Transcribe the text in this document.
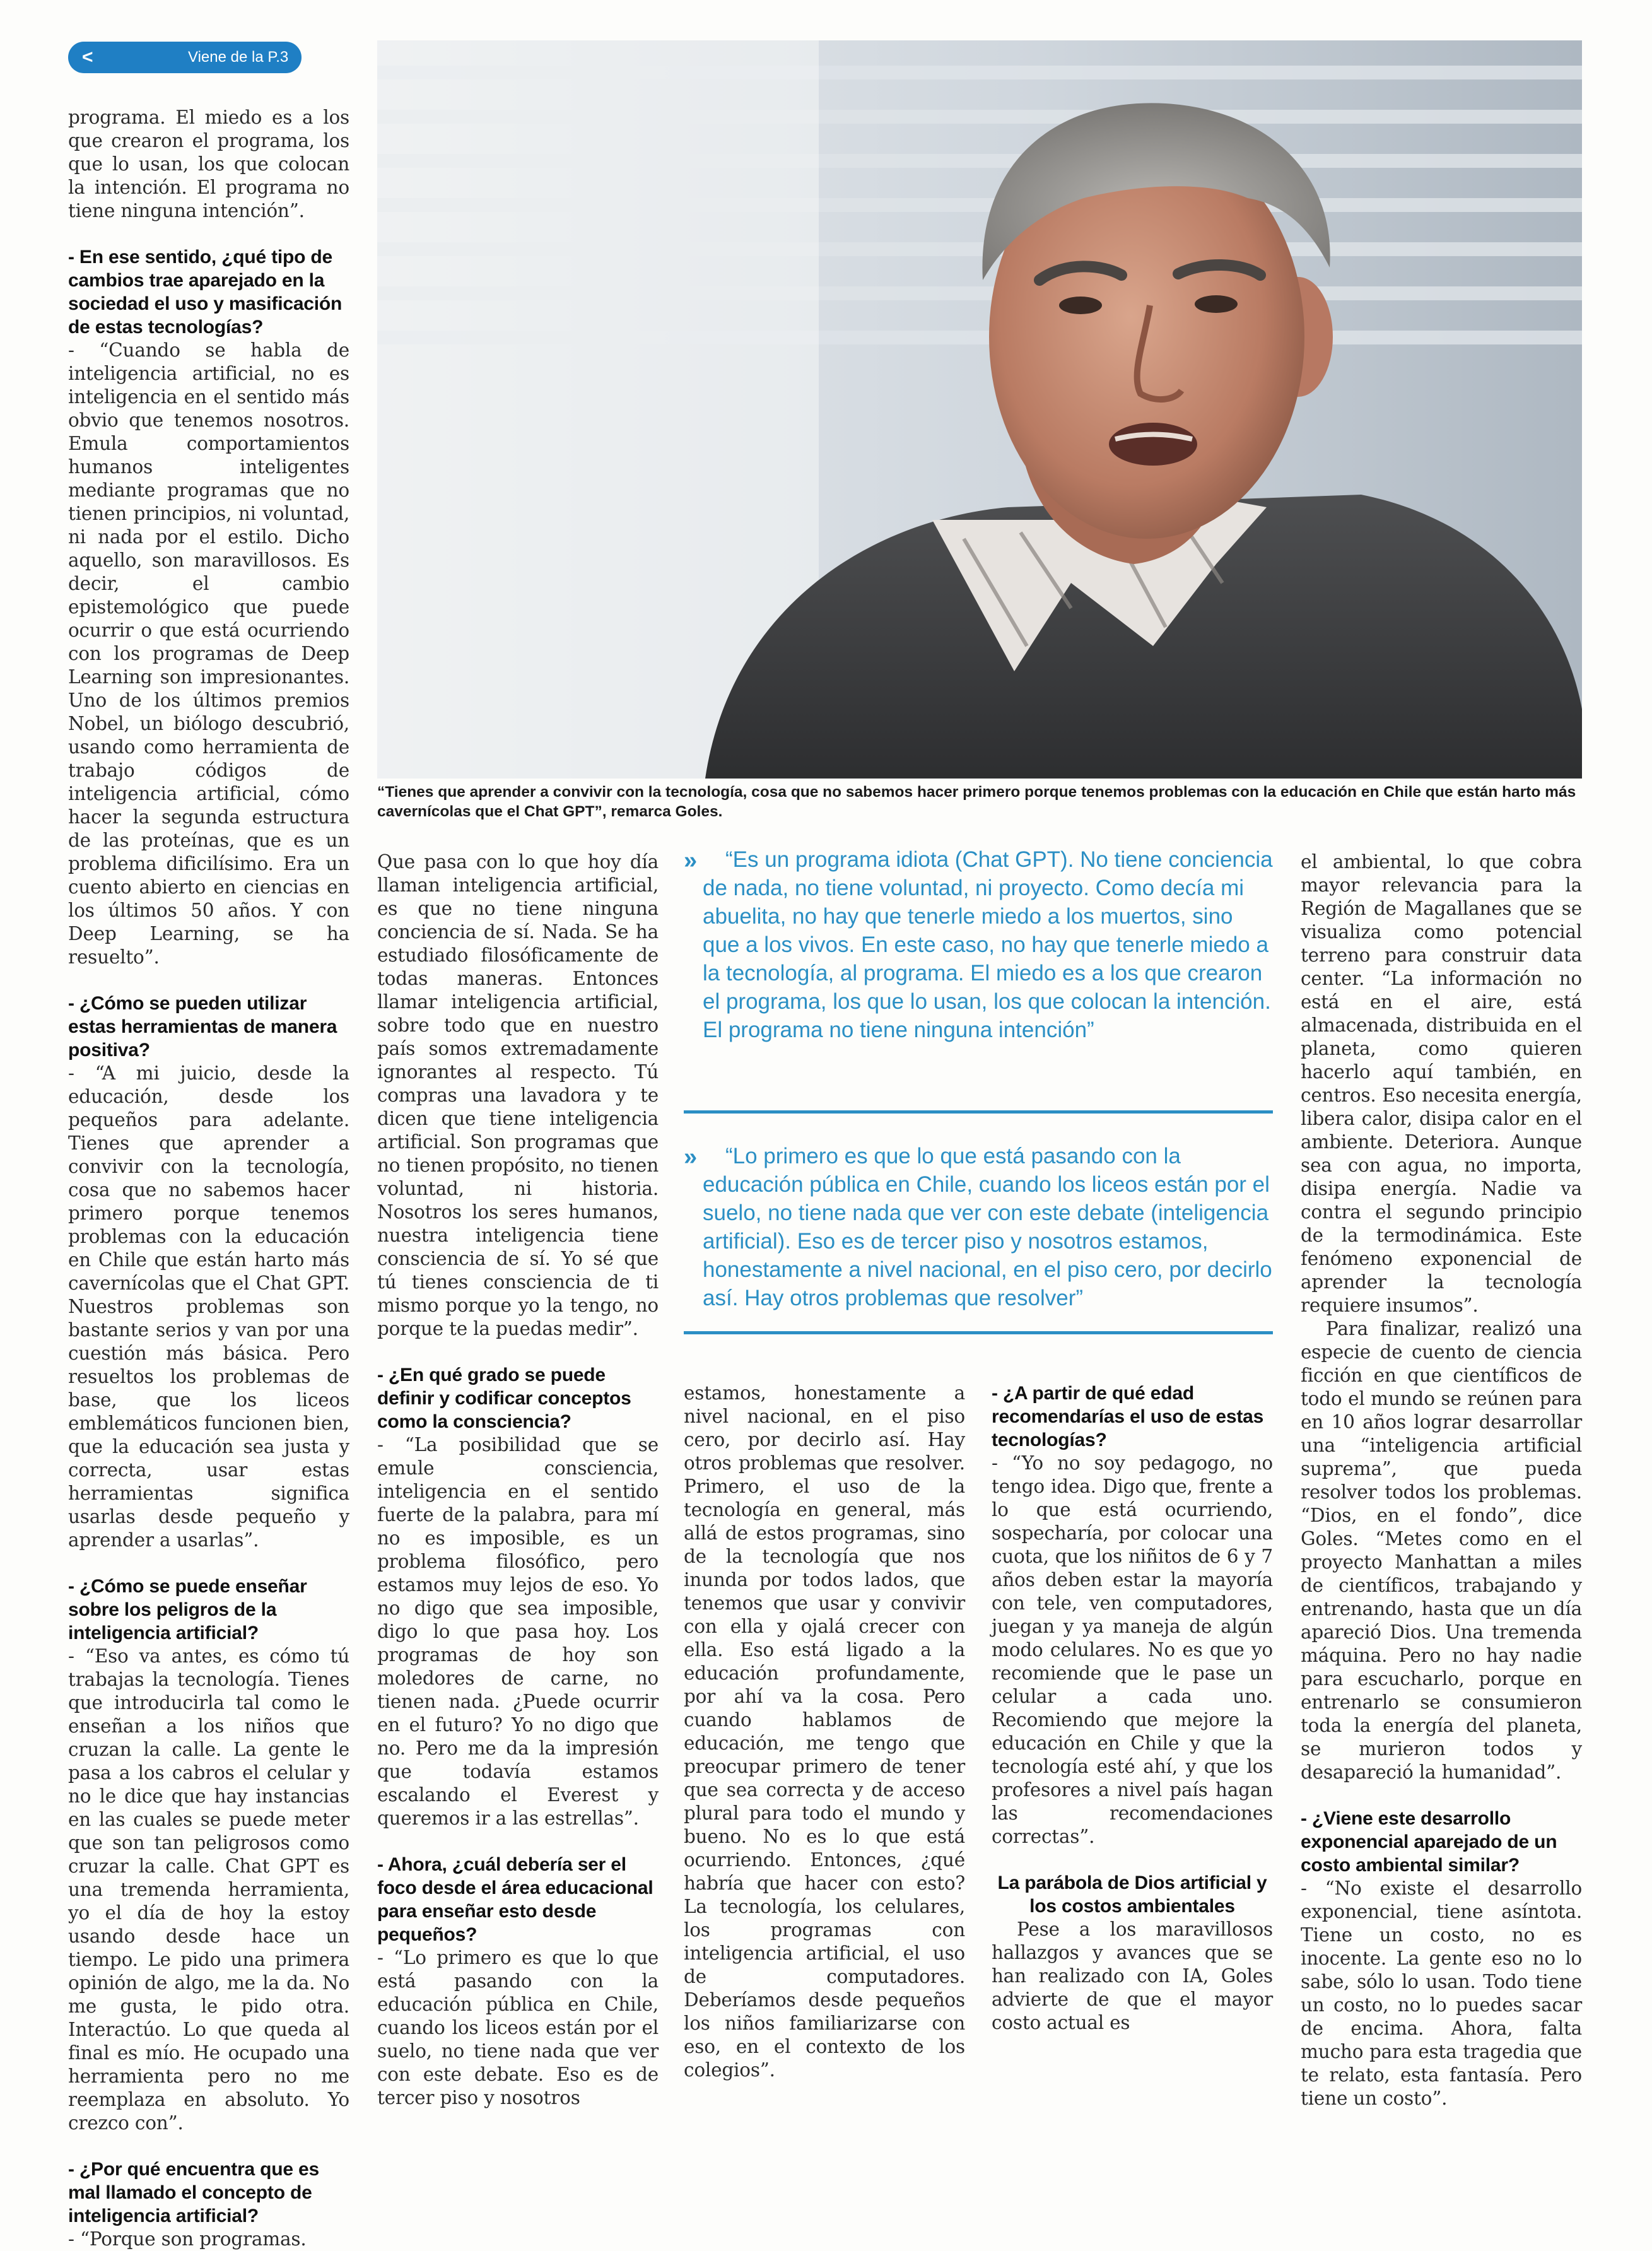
<	Viene de la P.3
“Tienes que aprender a convivir con la tecnología, cosa que no sabemos hacer primero porque tenemos problemas con la educación en Chile que están harto más cavernícolas que el Chat GPT”, remarca Goles.
»	“Es un programa idiota (Chat GPT). No tiene conciencia de nada, no tiene voluntad, ni proyecto. Como decía mi abuelita, no hay que tenerle miedo a los muertos, sino que a los vivos. En este caso, no hay que tenerle miedo a la tecnología, al programa. El miedo es a los que crearon el programa, los que lo usan, los que colocan la intención. El programa no tiene ninguna intención”
»	“Lo primero es que lo que está pasando con la educación pública en Chile, cuando los liceos están por el suelo, no tiene nada que ver con este debate (inteligencia artificial). Eso es de tercer piso y nosotros estamos, honestamente a nivel nacional, en el piso cero, por decirlo así. Hay otros problemas que resolver”

programa. El miedo es a los que crearon el programa, los que lo usan, los que colocan la intención. El programa no tiene ninguna intención”.

- En ese sentido, ¿qué tipo de cambios trae aparejado en la sociedad el uso y masificación de estas tecnologías?

- “Cuando se habla de inteligencia artificial, no es inteligencia en el sentido más obvio que tenemos nosotros. Emula comportamientos humanos inteligentes mediante programas que no tienen principios, ni voluntad, ni nada por el estilo. Dicho aquello, son maravillosos. Es decir, el cambio epistemológico que puede ocurrir o que está ocurriendo con los programas de Deep Learning son impresionantes. Uno de los últimos premios Nobel, un biólogo descubrió, usando como herramienta de trabajo códigos de inteligencia artificial, cómo hacer la segunda estructura de las proteínas, que es un problema dificilísimo. Era un cuento abierto en ciencias en los últimos 50 años. Y con Deep Learning, se ha resuelto”.

- ¿Cómo se pueden utilizar estas herramientas de manera positiva?

- “A mi juicio, desde la educación, desde los pequeños para adelante. Tienes que aprender a convivir con la tecnología, cosa que no sabemos hacer primero porque tenemos problemas con la educación en Chile que están harto más cavernícolas que el Chat GPT. Nuestros problemas son bastante serios y van por una cuestión más básica. Pero resueltos los problemas de base, que los liceos emblemáticos funcionen bien, que la educación sea justa y correcta, usar estas herramientas significa usarlas desde pequeño y aprender a usarlas”.

- ¿Cómo se puede enseñar sobre los peligros de la inteligencia artificial?

- “Eso va antes, es cómo tú trabajas la tecnología. Tienes que introducirla tal como le enseñan a los niños que cruzan la calle. La gente le pasa a los cabros el celular y no le dice que hay instancias en las cuales se puede meter que son tan peligrosos como cruzar la calle. Chat GPT es una tremenda herramienta, yo el día de hoy la estoy usando desde hace un tiempo. Le pido una primera opinión de algo, me la da. No me gusta, le pido otra. Interactúo. Lo que queda al final es mío. He ocupado una herramienta pero no me reemplaza en absoluto. Yo crezco con”.

- ¿Por qué encuentra que es mal llamado el concepto de inteligencia artificial?

- “Porque son programas.

Que pasa con lo que hoy día llaman inteligencia artificial, es que no tiene ninguna conciencia de sí. Nada. Se ha estudiado filosóficamente de todas maneras. Entonces llamar inteligencia artificial, sobre todo que en nuestro país somos extremadamente ignorantes al respecto. Tú compras una lavadora y te dicen que tiene inteligencia artificial. Son programas que no tienen propósito, no tienen voluntad, ni historia. Nosotros los seres humanos, nuestra inteligencia tiene consciencia de sí. Yo sé que tú tienes consciencia de ti mismo porque yo la tengo, no porque te la puedas medir”.

- ¿En qué grado se puede definir y codificar conceptos como la consciencia?

- “La posibilidad que se emule consciencia, inteligencia en el sentido fuerte de la palabra, para mí no es imposible, es un problema filosófico, pero estamos muy lejos de eso. Yo no digo que sea imposible, digo lo que pasa hoy. Los programas de hoy son moledores de carne, no tienen nada. ¿Puede ocurrir en el futuro? Yo no digo que no. Pero me da la impresión que todavía estamos escalando el Everest y queremos ir a las estrellas”.

- Ahora, ¿cuál debería ser el foco desde el área educacional para enseñar esto desde pequeños?

- “Lo primero es que lo que está pasando con la educación pública en Chile, cuando los liceos están por el suelo, no tiene nada que ver con este debate. Eso es de tercer piso y nosotros

estamos, honestamente a nivel nacional, en el piso cero, por decirlo así. Hay otros problemas que resolver. Primero, el uso de la tecnología en general, más allá de estos programas, sino de la tecnología que nos inunda por todos lados, que tenemos que usar y convivir con ella y ojalá crecer con ella. Eso está ligado a la educación profundamente, por ahí va la cosa. Pero cuando hablamos de educación, me tengo que preocupar primero de tener que sea correcta y de acceso plural para todo el mundo y bueno. No es lo que está ocurriendo. Entonces, ¿qué habría que hacer con esto? La tecnología, los celulares, los programas con inteligencia artificial, el uso de computadores. Deberíamos desde pequeños los niños familiarizarse con eso, en el contexto de los colegios”.

- ¿A partir de qué edad recomendarías el uso de estas tecnologías?

- “Yo no soy pedagogo, no tengo idea. Digo que, frente a lo que está ocurriendo, sospecharía, por colocar una cuota, que los niñitos de 6 y 7 años deben estar la mayoría con tele, ven computadores, juegan y ya maneja de algún modo celulares. No es que yo recomiende que le pase un celular a cada uno. Recomiendo que mejore la educación en Chile y que la tecnología esté ahí, y que los profesores a nivel país hagan las recomendaciones correctas”.

La parábola de Dios artificial y los costos ambientales

Pese a los maravillosos hallazgos y avances que se han realizado con IA, Goles advierte de que el mayor costo actual es

el ambiental, lo que cobra mayor relevancia para la Región de Magallanes que se visualiza como potencial terreno para construir data center. “La información no está en el aire, está almacenada, distribuida en el planeta, como quieren hacerlo aquí también, en centros. Eso necesita energía, libera calor, disipa calor en el ambiente. Deteriora. Aunque sea con agua, no importa, disipa energía. Nadie va contra el segundo principio de la termodinámica. Este fenómeno exponencial de aprender la tecnología requiere insumos”.

Para finalizar, realizó una especie de cuento de ciencia ficción en que científicos de todo el mundo se reúnen para en 10 años lograr desarrollar una “inteligencia artificial suprema”, que pueda resolver todos los problemas. “Dios, en el fondo”, dice Goles. “Metes como en el proyecto Manhattan a miles de científicos, trabajando y entrenando, hasta que un día apareció Dios. Una tremenda máquina. Pero no hay nadie para escucharlo, porque en entrenarlo se consumieron toda la energía del planeta, se murieron todos y desapareció la humanidad”.

- ¿Viene este desarrollo exponencial aparejado de un costo ambiental similar?

- “No existe el desarrollo exponencial, tiene asíntota. Tiene un costo, no es inocente. La gente eso no lo sabe, sólo lo usan. Todo tiene un costo, no lo puedes sacar de encima. Ahora, falta mucho para esta tragedia que te relato, esta fantasía. Pero tiene un costo”.
